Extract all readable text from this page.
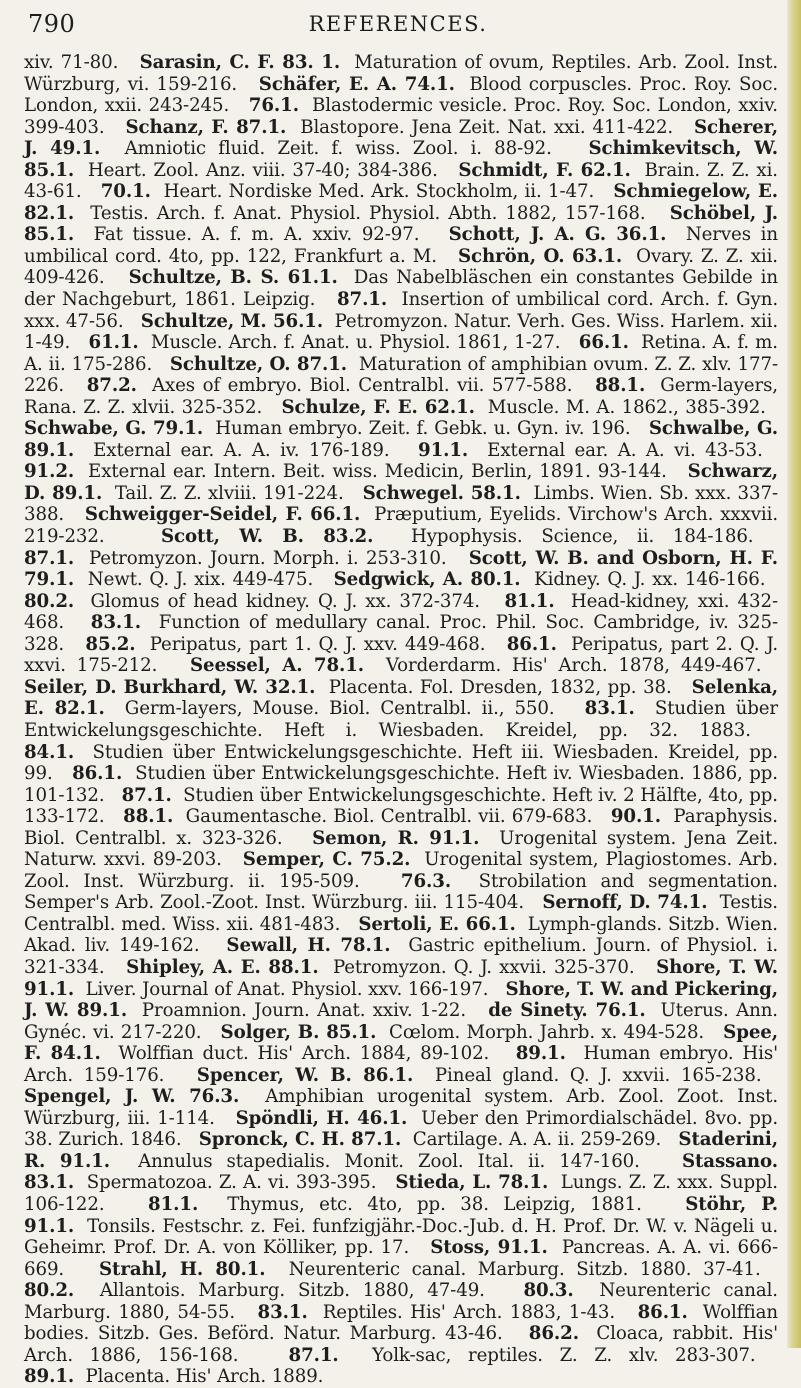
790	REFERENCES.
xiv. 71-80. Sarasin, C. F. 83. 1. Maturation of ovum, Reptiles. Arb. Zool. Inst. Würzburg, vi. 159-216. Schäfer, E. A. 74.1. Blood corpuscles. Proc. Roy. Soc. London, xxii. 243-245. 76.1. Blastodermic vesicle. Proc. Roy. Soc. London, xxiv. 399-403. Schanz, F. 87.1. Blastopore. Jena Zeit. Nat. xxi. 411-422. Scherer, J. 49.1. Amniotic fluid. Zeit. f. wiss. Zool. i. 88-92. Schimkevitsch, W. 85.1. Heart. Zool. Anz. viii. 37-40; 384-386. Schmidt, F. 62.1. Brain. Z. Z. xi. 43-61. 70.1. Heart. Nordiske Med. Ark. Stockholm, ii. 1-47. Schmiegelow, E. 82.1. Testis. Arch. f. Anat. Physiol. Physiol. Abth. 1882, 157-168. Schöbel, J. 85.1. Fat tissue. A. f. m. A. xxiv. 92-97. Schott, J. A. G. 36.1. Nerves in umbilical cord. 4to, pp. 122, Frankfurt a. M. Schrön, O. 63.1. Ovary. Z. Z. xii. 409-426. Schultze, B. S. 61.1. Das Nabelbläschen ein constantes Gebilde in der Nachgeburt, 1861. Leipzig. 87.1. Insertion of umbilical cord. Arch. f. Gyn. xxx. 47-56. Schultze, M. 56.1. Petromyzon. Natur. Verh. Ges. Wiss. Harlem. xii. 1-49. 61.1. Muscle. Arch. f. Anat. u. Physiol. 1861, 1-27. 66.1. Retina. A. f. m. A. ii. 175-286. Schultze, O. 87.1. Maturation of amphibian ovum. Z. Z. xlv. 177-226. 87.2. Axes of embryo. Biol. Centralbl. vii. 577-588. 88.1. Germ-layers, Rana. Z. Z. xlvii. 325-352. Schulze, F. E. 62.1. Muscle. M. A. 1862., 385-392.   Schwabe, G. 79.1. Human embryo. Zeit. f. Gebk. u. Gyn. iv. 196. Schwalbe, G. 89.1. External ear. A. A. iv. 176-189. 91.1. External ear. A. A. vi. 43-53.   91.2. External ear. Intern. Beit. wiss. Medicin, Berlin, 1891. 93-144. Schwarz, D. 89.1. Tail. Z. Z. xlviii. 191-224. Schwegel. 58.1. Limbs. Wien. Sb. xxx. 337-388. Schweigger-Seidel, F. 66.1. Præputium, Eyelids. Virchow's Arch. xxxvii. 219-232.	Scott, W. B. 83.2. Hypophysis. Science, ii. 184-186.   87.1. Petromyzon. Journ. Morph. i. 253-310. Scott, W. B. and Osborn, H. F. 79.1. Newt. Q. J. xix. 449-475. Sedgwick, A. 80.1. Kidney. Q. J. xx. 146-166.   80.2. Glomus of head kidney. Q. J. xx. 372-374. 81.1. Head-kidney, xxi. 432-468. 83.1. Function of medullary canal. Proc. Phil. Soc. Cambridge, iv. 325-328. 85.2. Peripatus, part 1. Q. J. xxv. 449-468. 86.1. Peripatus, part 2. Q. J. xxvi. 175-212. Seessel, A. 78.1. Vorderdarm. His' Arch. 1878, 449-467.   Seiler, D. Burkhard, W. 32.1. Placenta. Fol. Dresden, 1832, pp. 38. Selenka, E. 82.1. Germ-layers, Mouse. Biol. Centralbl. ii., 550. 83.1. Studien über Entwickelungsgeschichte. Heft i. Wiesbaden. Kreidel, pp. 32. 1883.   84.1. Studien über Entwickelungsgeschichte. Heft iii. Wiesbaden. Kreidel, pp. 99. 86.1. Studien über Entwickelungsgeschichte. Heft iv. Wiesbaden. 1886, pp. 101-132. 87.1. Studien über Entwickelungsgeschichte. Heft iv. 2 Hälfte, 4to, pp. 133-172. 88.1. Gaumentasche. Biol. Centralbl. vii. 679-683. 90.1. Paraphysis. Biol. Centralbl. x. 323-326. Semon, R. 91.1. Urogenital system. Jena Zeit. Naturw. xxvi. 89-203. Semper, C. 75.2. Urogenital system, Plagiostomes. Arb. Zool. Inst. Würzburg. ii. 195-509. 76.3. Strobilation and segmentation. Semper's Arb. Zool.-Zoot. Inst. Würzburg. iii. 115-404. Sernoff, D. 74.1. Testis. Centralbl. med. Wiss. xii. 481-483. Sertoli, E. 66.1. Lymph-glands. Sitzb. Wien. Akad. liv. 149-162. Sewall, H. 78.1. Gastric epithelium. Journ. of Physiol. i. 321-334. Shipley, A. E. 88.1. Petromyzon. Q. J. xxvii. 325-370. Shore, T. W. 91.1. Liver. Journal of Anat. Physiol. xxv. 166-197. Shore, T. W. and Pickering, J. W. 89.1. Proamnion. Journ. Anat. xxiv. 1-22. de Sinety. 76.1. Uterus. Ann. Gynéc. vi. 217-220. Solger, B. 85.1. Cœlom. Morph. Jahrb. x. 494-528. Spee, F. 84.1. Wolffian duct. His' Arch. 1884, 89-102. 89.1. Human embryo. His' Arch. 159-176. Spencer, W. B. 86.1. Pineal gland. Q. J. xxvii. 165-238.   Spengel, J. W. 76.3. Amphibian urogenital system. Arb. Zool. Zoot. Inst. Würzburg, iii. 1-114. Spöndli, H. 46.1. Ueber den Primordialschädel. 8vo. pp. 38. Zurich. 1846. Spronck, C. H. 87.1. Cartilage. A. A. ii. 259-269. Staderini, R. 91.1. Annulus stapedialis. Monit. Zool. Ital. ii. 147-160. Stassano. 83.1. Spermatozoa. Z. A. vi. 393-395. Stieda, L. 78.1. Lungs. Z. Z. xxx. Suppl. 106-122. 81.1. Thymus, etc. 4to, pp. 38. Leipzig, 1881. Stöhr, P. 91.1. Tonsils. Festschr. z. Fei. funfzigjähr.-Doc.-Jub. d. H. Prof. Dr. W. v. Nägeli u. Geheimr. Prof. Dr. A. von Kölliker, pp. 17. Stoss, 91.1. Pancreas. A. A. vi. 666-669. Strahl, H. 80.1. Neurenteric canal. Marburg. Sitzb. 1880. 37-41.   80.2. Allantois. Marburg. Sitzb. 1880, 47-49. 80.3. Neurenteric canal. Marburg. 1880, 54-55. 83.1. Reptiles. His' Arch. 1883, 1-43. 86.1. Wolffian bodies. Sitzb. Ges. Beförd. Natur. Marburg. 43-46. 86.2. Cloaca, rabbit. His' Arch. 1886, 156-168.	87.1. Yolk-sac, reptiles. Z. Z. xlv. 283-307.   89.1. Placenta. His' Arch. 1889.
